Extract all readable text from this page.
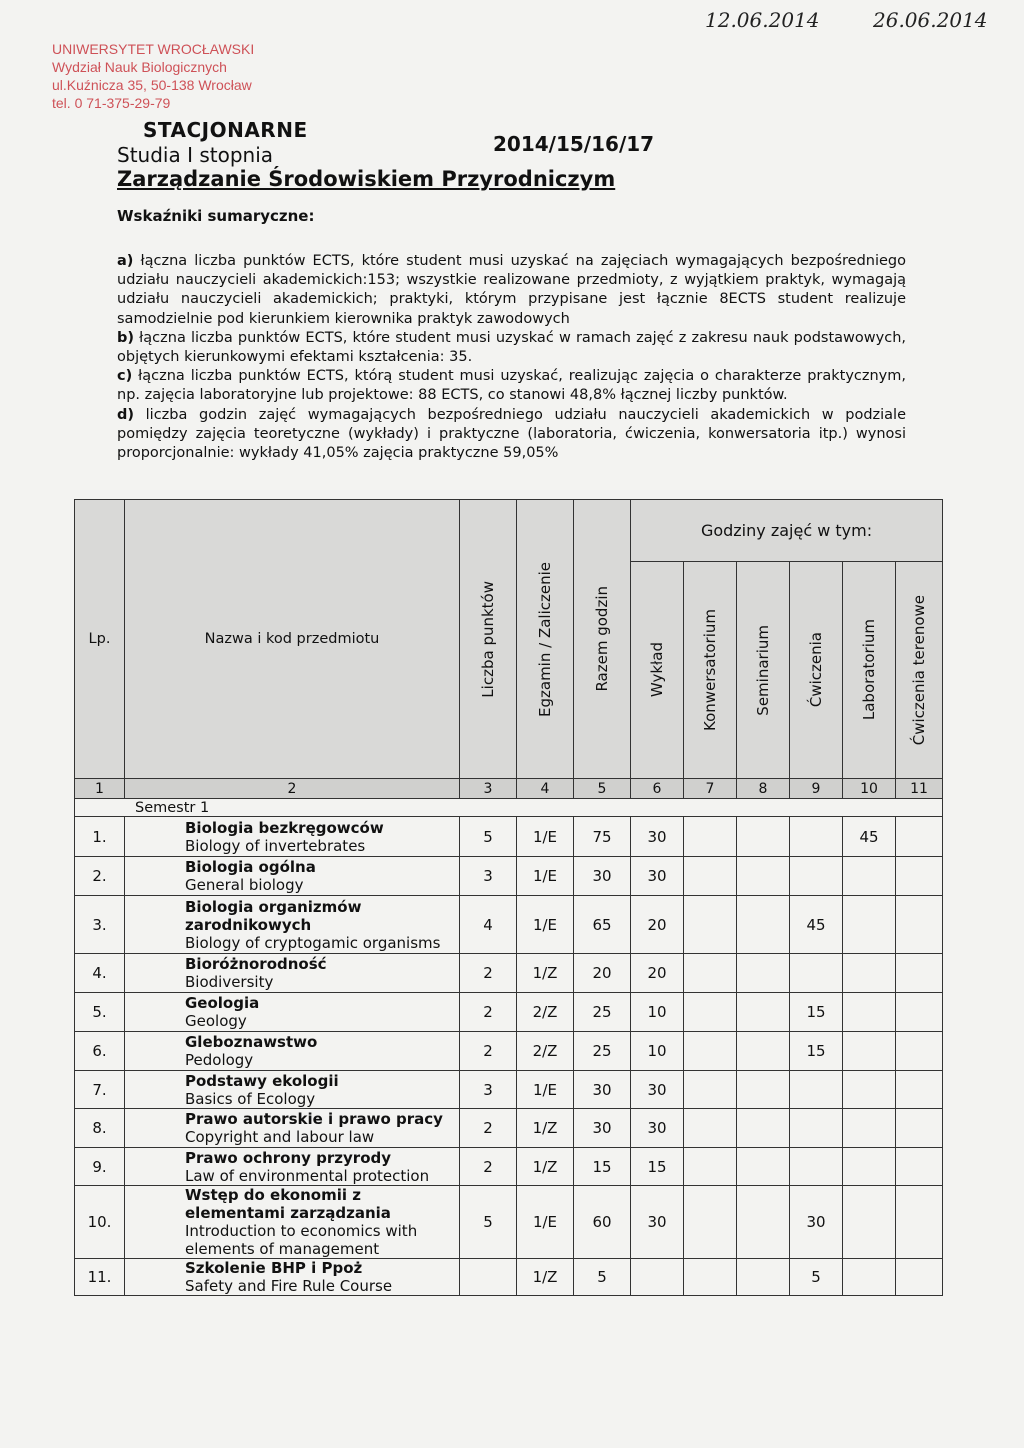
UNIWERSYTET WROCŁAWSKI
Wydział Nauk Biologicznych
ul.Kuźnicza 35, 50-138 Wrocław
tel. 0 71-375-29-79
12.06.2014	26.06.2014
STACJONARNE
2014/15/16/17
Studia I stopnia
Zarządzanie Środowiskiem Przyrodniczym
Wskaźniki sumaryczne:

a) łączna liczba punktów ECTS, które student musi uzyskać na zajęciach wymagających bezpośredniego udziału nauczycieli akademickich:153; wszystkie realizowane przedmioty, z wyjątkiem praktyk, wymagają udziału nauczycieli akademickich; praktyki, którym przypisane jest łącznie 8ECTS student realizuje samodzielnie pod kierunkiem kierownika praktyk zawodowych

b) łączna liczba punktów ECTS, które student musi uzyskać w ramach zajęć z zakresu nauk podstawowych, objętych kierunkowymi efektami kształcenia: 35.

c) łączna liczba punktów ECTS, którą student musi uzyskać, realizując zajęcia o charakterze praktycznym, np. zajęcia laboratoryjne lub projektowe: 88 ECTS, co stanowi 48,8% łącznej liczby punktów.

d) liczba godzin zajęć wymagających bezpośredniego udziału nauczycieli akademickich w podziale pomiędzy zajęcia teoretyczne (wykłady) i praktyczne (laboratoria, ćwiczenia, konwersatoria itp.) wynosi proporcjonalnie: wykłady 41,05% zajęcia praktyczne 59,05%

Lp.	Nazwa i kod przedmiotu	Liczba punktów	Egzamin / Zaliczenie	Razem godzin	Godziny zajęć w tym:					

					Wykład	Konwersatorium	Seminarium	Ćwiczenia	Laboratorium	Ćwiczenia terenowe

1	2	3	4	5	6	7	8	9	10	11
Semestr 1										
1.	Biologia bezkręgowców
Biology of invertebrates	5	1/E	75	30				45	
2.	Biologia ogólna
General biology	3	1/E	30	30					
3.	Biologia organizmów zarodnikowych
Biology of cryptogamic organisms	4	1/E	65	20			45		
4.	Bioróżnorodność
Biodiversity	2	1/Z	20	20					
5.	Geologia
Geology	2	2/Z	25	10			15		
6.	Gleboznawstwo
Pedology	2	2/Z	25	10			15		
7.	Podstawy ekologii
Basics of Ecology	3	1/E	30	30					
8.	Prawo autorskie i prawo pracy
Copyright and labour law	2	1/Z	30	30					
9.	Prawo ochrony przyrody
Law of environmental protection	2	1/Z	15	15					
10.	Wstęp do ekonomii z elementami zarządzania
Introduction to economics with elements of management	5	1/E	60	30			30		
11.	Szkolenie BHP i Ppoż
Safety and Fire Rule Course		1/Z	5				5		
